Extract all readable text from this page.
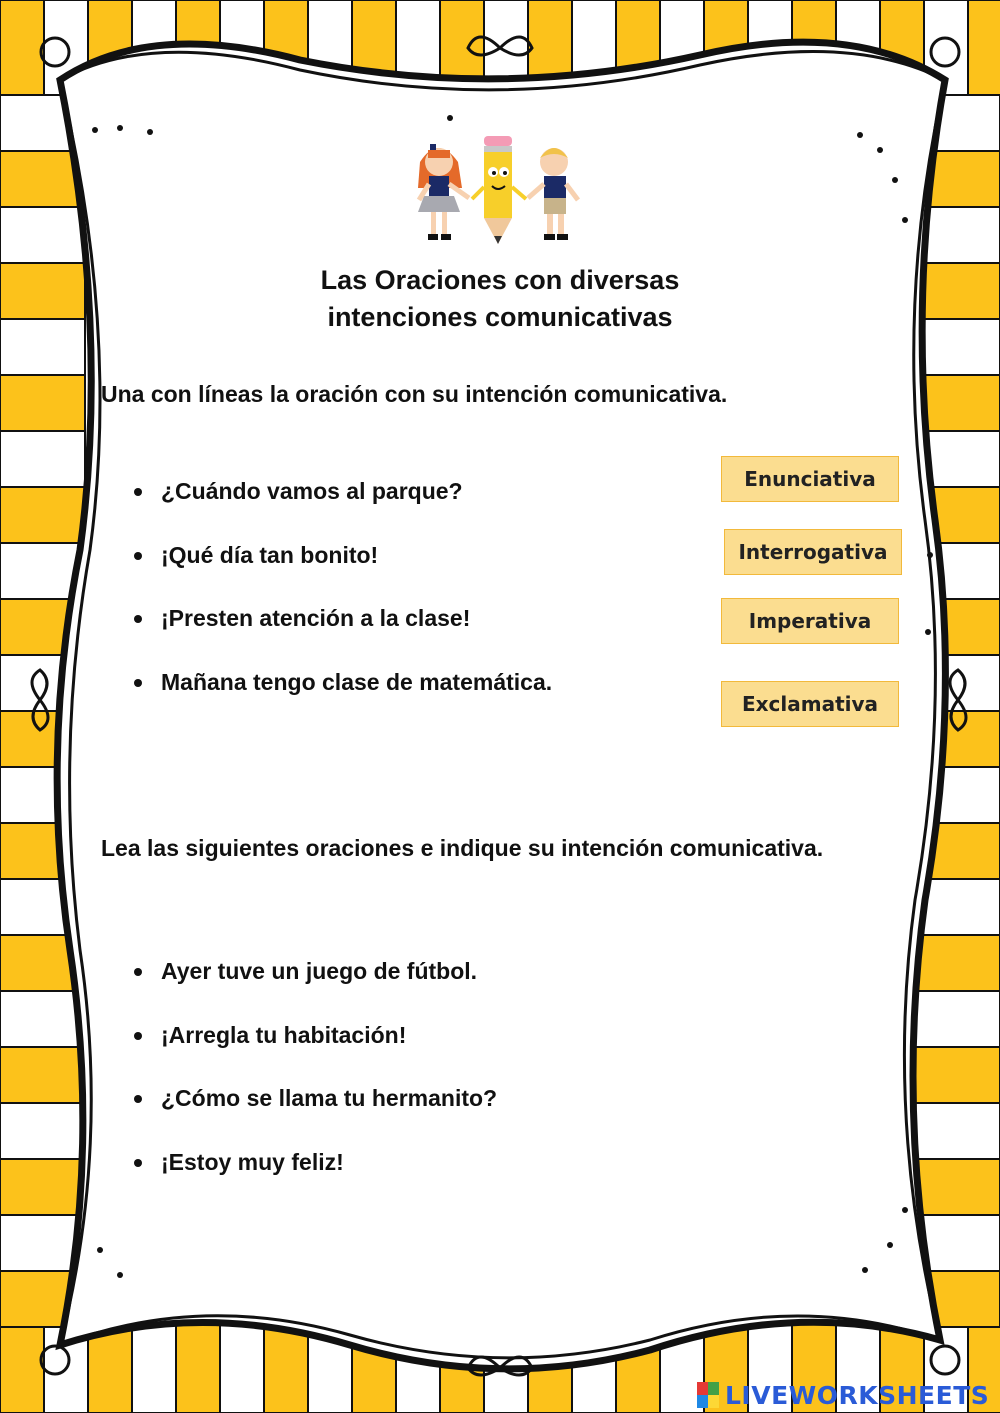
Las Oraciones con diversas
intenciones comunicativas
Una con líneas la oración con su intención comunicativa.
¿Cuándo vamos al parque?
¡Qué día tan bonito!
¡Presten atención a la clase!
Mañana tengo clase de matemática.
Enunciativa
Interrogativa
Imperativa
Exclamativa
Lea las siguientes oraciones e indique su intención comunicativa.
Ayer tuve un juego de fútbol.
¡Arregla tu habitación!
¿Cómo se llama tu hermanito?
¡Estoy muy feliz!
LIVEWORKSHEETS
